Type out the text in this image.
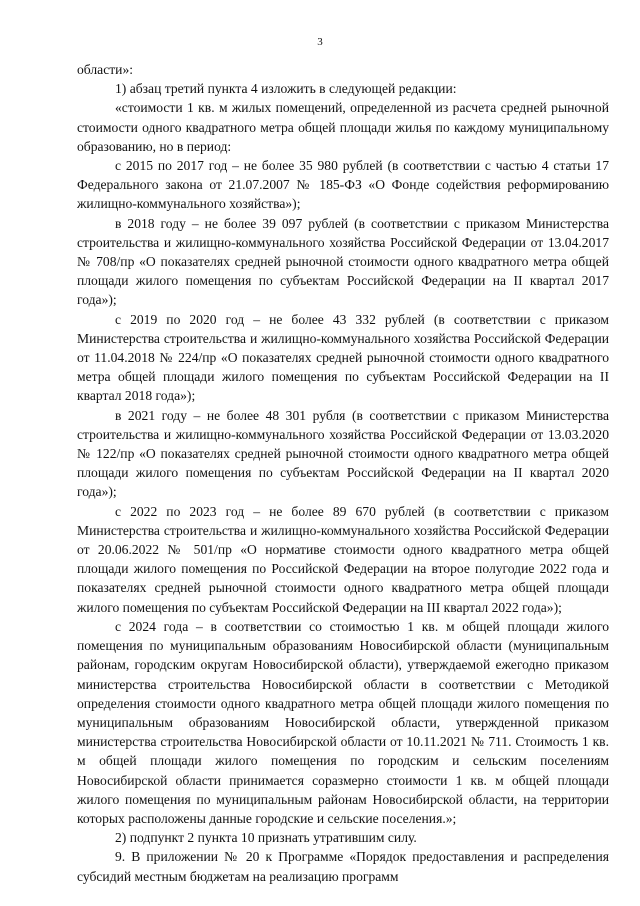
3

области»:

1) абзац третий пункта 4 изложить в следующей редакции:

«стоимости 1 кв. м жилых помещений, определенной из расчета средней рыночной стоимости одного квадратного метра общей площади жилья по каждому муниципальному образованию, но в период:

с 2015 по 2017 год – не более 35 980 рублей (в соответствии с частью 4 статьи 17 Федерального закона от 21.07.2007 № 185-ФЗ «О Фонде содействия реформированию жилищно-коммунального хозяйства»);

в 2018 году – не более 39 097 рублей (в соответствии с приказом Министерства строительства и жилищно-коммунального хозяйства Российской Федерации от 13.04.2017 № 708/пр «О показателях средней рыночной стоимости одного квадратного метра общей площади жилого помещения по субъектам Российской Федерации на II квартал 2017 года»);

с 2019 по 2020 год – не более 43 332 рублей (в соответствии с приказом Министерства строительства и жилищно-коммунального хозяйства Российской Федерации от 11.04.2018 № 224/пр «О показателях средней рыночной стоимости одного квадратного метра общей площади жилого помещения по субъектам Российской Федерации на II квартал 2018 года»);

в 2021 году – не более 48 301 рубля (в соответствии с приказом Министерства строительства и жилищно-коммунального хозяйства Российской Федерации от 13.03.2020 № 122/пр «О показателях средней рыночной стоимости одного квадратного метра общей площади жилого помещения по субъектам Российской Федерации на II квартал 2020 года»);

с 2022 по 2023 год – не более 89 670 рублей (в соответствии с приказом Министерства строительства и жилищно-коммунального хозяйства Российской Федерации от 20.06.2022 № 501/пр «О нормативе стоимости одного квадратного метра общей площади жилого помещения по Российской Федерации на второе полугодие 2022 года и показателях средней рыночной стоимости одного квадратного метра общей площади жилого помещения по субъектам Российской Федерации на III квартал 2022 года»);

с 2024 года – в соответствии со стоимостью 1 кв. м общей площади жилого помещения по муниципальным образованиям Новосибирской области (муниципальным районам, городским округам Новосибирской области), утверждаемой ежегодно приказом министерства строительства Новосибирской области в соответствии с Методикой определения стоимости одного квадратного метра общей площади жилого помещения по муниципальным образованиям Новосибирской области, утвержденной приказом министерства строительства Новосибирской области от 10.11.2021 № 711. Стоимость 1 кв. м общей площади жилого помещения по городским и сельским поселениям Новосибирской области принимается соразмерно стоимости 1 кв. м общей площади жилого помещения по муниципальным районам Новосибирской области, на территории которых расположены данные городские и сельские поселения.»;

2) подпункт 2 пункта 10 признать утратившим силу.

9. В приложении № 20 к Программе «Порядок предоставления и распределения субсидий местным бюджетам на реализацию программ
